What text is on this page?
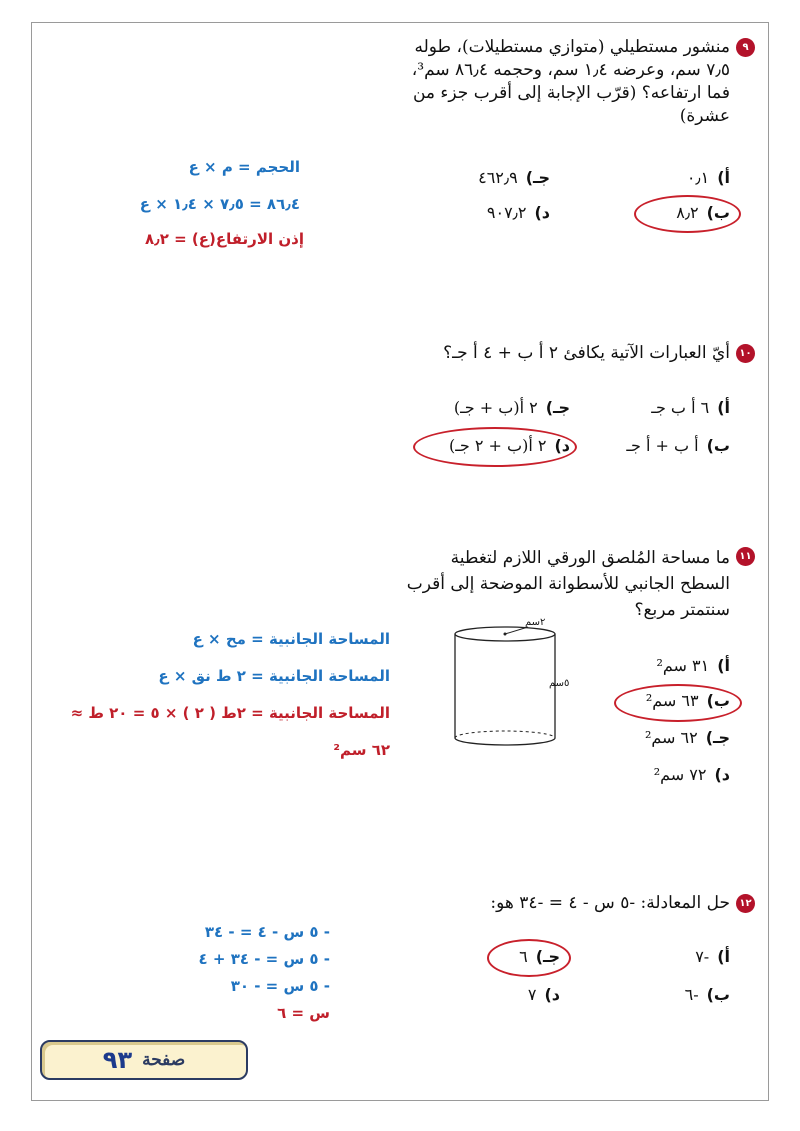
٩
منشور مستطيلي (متوازي مستطيلات)، طوله ٧٫٥ سم، وعرضه ١٫٤ سم، وحجمه ٨٦٫٤ سم³، فما ارتفاعه؟ (قرّب الإجابة إلى أقرب جزء من عشرة)
أ)٠٫١
جـ)٤٦٢٫٩
ب)٨٫٢
د)٩٠٧٫٢
الحجم = م × ع
٨٦٫٤ = ٧٫٥ × ١٫٤ × ع
إذن الارتفاع(ع) = ٨٫٢
١٠
أيّ العبارات الآتية يكافئ ٢ أ ب + ٤ أ جـ؟
أ)٦ أ ب جـ
جـ)٢ أ(ب + جـ)
ب)أ ب + أ جـ
د)٢ أ(ب + ٢ جـ)
١١
ما مساحة المُلصق الورقي اللازم لتغطية السطح الجانبي للأسطوانة الموضحة إلى أقرب سنتمتر مربع؟
٢سم
٥سم
أ)٣١ سم²
ب)٦٣ سم²
جـ)٦٢ سم²
د)٧٢ سم²
المساحة الجانبية = مح × ع
المساحة الجانبية = ٢ ط نق × ع
المساحة الجانبية = ٢ط ( ٢ ) × ٥ = ٢٠ ط ≈
٦٢ سم²
١٢
حل المعادلة: -٥ س - ٤ = -٣٤ هو:
أ)-٧
جـ)٦
ب)-٦
د)٧
- ٥ س - ٤ = - ٣٤
- ٥ س = - ٣٤ + ٤
- ٥ س = - ٣٠
س = ٦
صفحة
٩٣
